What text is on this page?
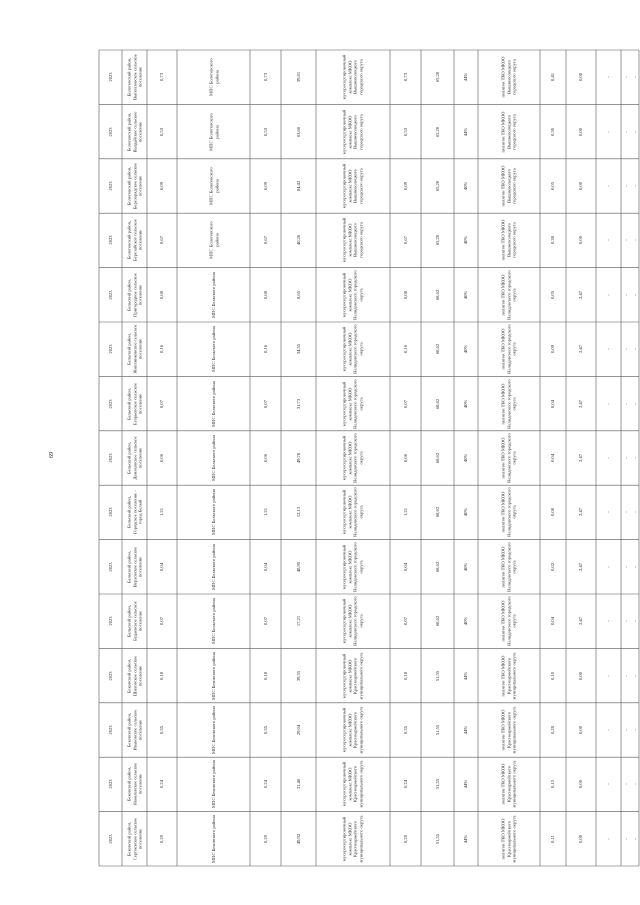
69
2023	Бековский район, Сергиевское сельское поселение	0,20	МПС Бековского района	0,20	49,92	мусоросортировочный комплекс МКОО Красноармейского муниципального округа	0,20	51,55	44%	полигон ТКО МКОО Красноармейского муниципального округа	0,11	0,00	-	- -
2023	Бековский район, Яковлевское сельское поселение	0,24	МПС Бековского района	0,24	31,46	мусоросортировочный комплекс МКОО Красноармейского муниципального округа	0,24	51,55	44%	полигон ТКО МКОО Красноармейского муниципального округа	0,13	0,00	-	- -
2023	Бековский район, Ивановское сельское поселение	0,35	МПС Бековского района	0,35	29,04	мусоросортировочный комплекс МКОО Красноармейского муниципального округа	0,35	51,55	44%	полигон ТКО МКОО Красноармейского муниципального округа	0,20	0,00	-	- -
2023	Бековский район, Шиловское сельское поселение	0,18	МПС Бековского района	0,18	39,55	мусоросортировочный комплекс МКОО Красноармейского муниципального округа	0,18	51,55	44%	полигон ТКО МКОО Красноармейского муниципального округа	0,10	0,00	-	- -
2023	Бельский район, Будаевское сельское поселение	0,07	МПС Бельского района	0,07	17,21	мусоросортировочный комплекс МКОО Нелидовского городского округа	0,07	68,62	40%	полигон ТКО МКОО Нелидовского городского округа	0,04	2,47	-	- -
2023	Бельский район, Верховское сельское поселение	0,04	МПС Бельского района	0,04	48,95	мусоросортировочный комплекс МКОО Нелидовского городского округа	0,04	68,62	40%	полигон ТКО МКОО Нелидовского городского округа	0,02	2,47	-	- -
2023	Бельский район, Городское поселение - город Белый	1,21	МПС Бельского района	1,21	12,13	мусоросортировочный комплекс МКОО Нелидовского городского округа	1,21	68,62	40%	полигон ТКО МКОО Нелидовского городского округа	0,08	2,47	-	- -
2023	Бельский район, Демяховское сельское поселение	0,06	МПС Бельского района	0,06	49,78	мусоросортировочный комплекс МКОО Нелидовского городского округа	0,06	68,62	40%	полигон ТКО МКОО Нелидовского городского округа	0,04	2,47	-	- -
2023	Бельский район, Егорьевское сельское поселение	0,07	МПС Бельского района	0,07	31,73	мусоросортировочный комплекс МКОО Нелидовского городского округа	0,07	68,62	40%	полигон ТКО МКОО Нелидовского городского округа	0,04	2,47	-	- -
2023	Бельский район, Жиплинковское сельское поселение	0,16	МПС Бельского района	0,16	34,55	мусоросортировочный комплекс МКОО Нелидовского городского округа	0,16	68,62	40%	полигон ТКО МКОО Нелидовского городского округа	0,09	2,47	-	- -
2023	Бельский район, Пригородное сельское поселение	0,08	МПС Бельского района	0,08	8,65	мусоросортировочный комплекс МКОО Нелидовского городского округа	0,08	68,62	40%	полигон ТКО МКОО Нелидовского городского округа	0,05	2,47	-	- -
2023	Бологовский район, Березайское сельское поселение	0,67	МПС Бологовского района	0,67	40,26	мусоросортировочный комплекс МКОО Вышневолоцкого городского округа	0,67	65,20	40%	полигон ТКО МКОО Вышневолоцкого городского округа	0,38	0,00	-	- -
2023	Бологовский район, Березорядское сельское поселение	0,09	МПС Бологовского района	0,09	84,42	мусоросортировочный комплекс МКОО Вышневолоцкого городского округа	0,09	65,20	40%	полигон ТКО МКОО Вышневолоцкого городского округа	0,05	0,00	-	- -
2023	Бологовский район, Валдайское сельское поселение	0,53	МПС Бологовского района	0,53	63,66	мусоросортировочный комплекс МКОО Вышневолоцкого городского округа	0,53	65,20	44%	полигон ТКО МКОО Вышневолоцкого городского округа	0,30	0,00	-	- -
2023	Бологовский район, Выползовское сельское поселение	0,73	МПС Бологовского района	0,73	39,81	мусоросортировочный комплекс МКОО Вышневолоцкого городского округа	0,73	65,20	44%	полигон ТКО МКОО Вышневолоцкого городского округа	0,41	0,00	-	- -
